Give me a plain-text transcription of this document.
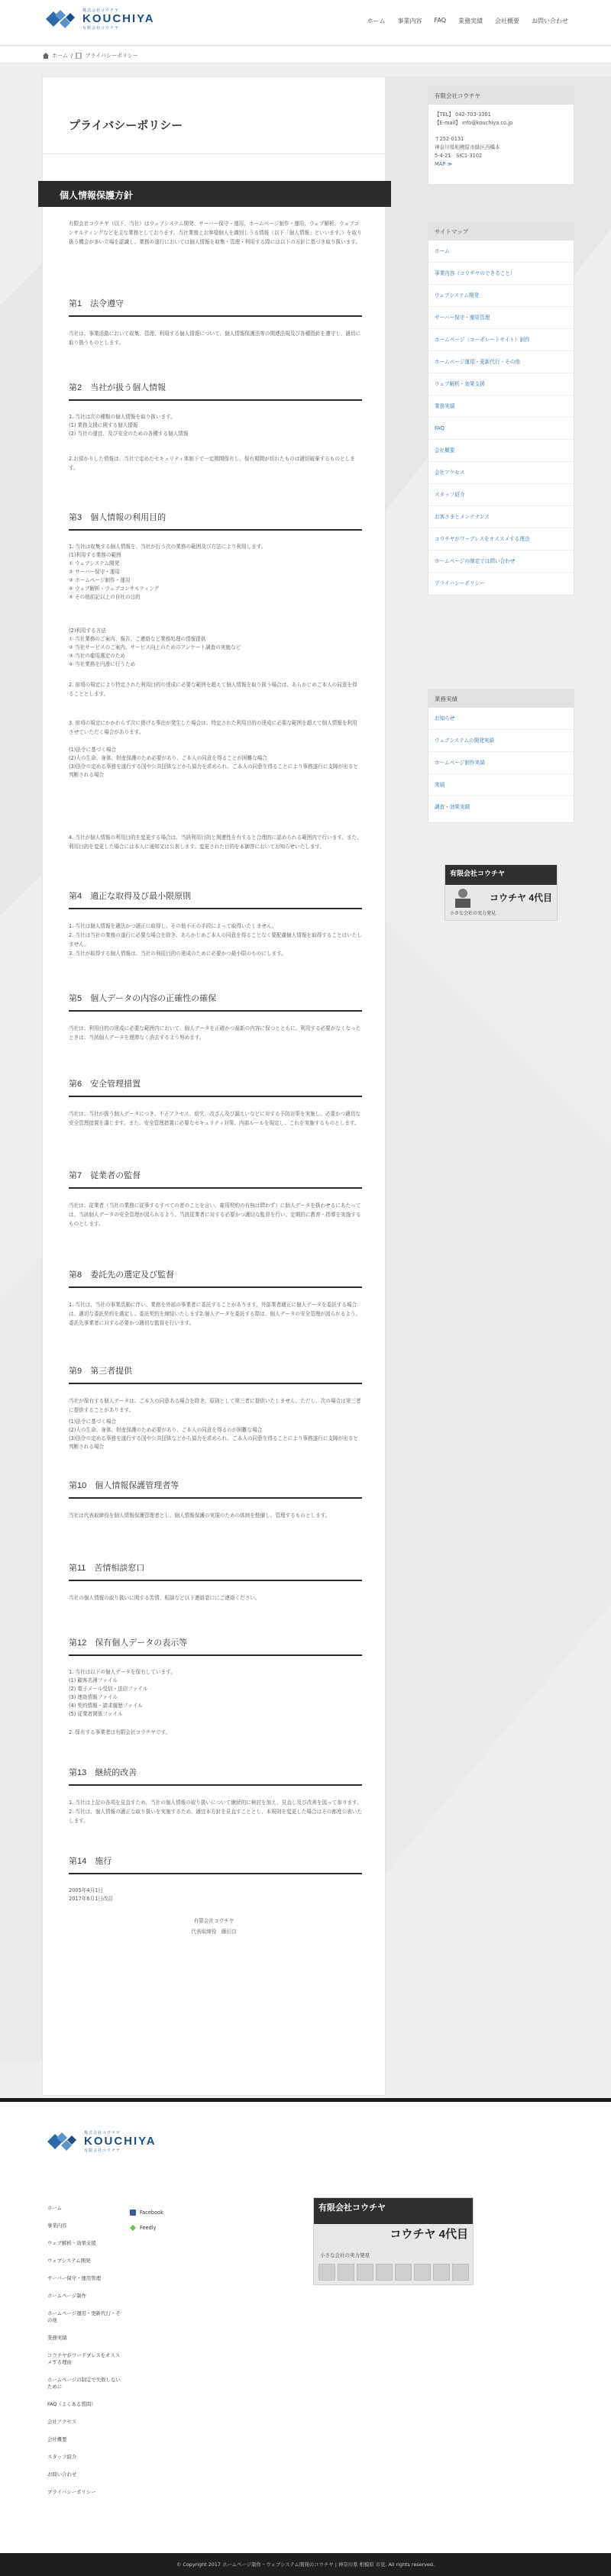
株式会社コウチヤ
KOUCHIYA
有限会社コウチヤ
ホーム 事業内容 FAQ 業務実績 会社概要 お問い合わせ
ホーム / プライバシーポリシー
プライバシーポリシー
個人情報保護方針
有限会社コウチヤ（以下、当社）はウェブシステム開発、サーバー保守・運用、ホームページ制作・運用、ウェブ解析、ウェブコンサルティングなどを主な業務としております。当社業務上お客様個人を識別しうる情報（以下「個人情報」といいます。）を取り扱う機会が多い立場を認識し、業務の遂行においては個人情報を収集・管理・利用する際には以下の方針に基づき取り扱います。
第1　法令遵守
当社は、事業活動において収集、管理、利用する個人情報について、個人情報保護法等の関連法規及び各種指針を遵守し、適切に取り扱うものとします。
第2　当社が扱う個人情報
1. 当社は次の種類の個人情報を取り扱います。
(1) 業務支援に関する個人情報
(2) 当社の運営、及び安全のための各種する個人情報
2.お預かりした情報は、当社で定めたセキュリティ体制下で一定期間保有し、保有期間が切れたものは適切破棄するものとします。
第3　個人情報の利用目的
1. 当社は収集する個人情報を、当社が行う次の業務の範囲及び方法により利用します。
(1)利用する業務の範囲
① ウェブシステム開発
② サーバー保守・運用
③ ホームページ制作・運用
④ ウェブ解析・ウェブコンサルティング
⑤ その他前記以上の自社の目的
(2)利用する方法
① 当社業務のご案内、報告、ご連絡など業務処理の情報提供
② 当社サービスのご案内、サービス向上のためのアンケート調査の実施など
③ 当社の雇用選定のため
④ 当社業務を円滑に行うため
2. 前項の規定により特定された利用目的の達成に必要な範囲を超えて個人情報を取り扱う場合は、あらかじめご本人の同意を得ることとします。
3. 前項の規定にかかわらず次に掲げる事由が発生した場合は、特定された利用目的の達成に必要な範囲を超えて個人情報を利用させていただく場合があります。
(1)法令に基づく場合
(2)人の生命、身体、財産保護のため必要があり、ご本人の同意を得ることが困難な場合
(3)法令の定める事務を遂行する国や公共団体などから協力を求められ、ご本人の同意を得ることにより事務遂行に支障が出ると判断される場合
4. 当社が個人情報の利用目的を変更する場合は、当該利用目的と関連性を有すると合理的に認められる範囲内で行います。また、利用目的を変更した場合には本人に通知又は公表します。変更された目的を本御答においてお知らせいたします。
第4　適正な取得及び最小限原則
1. 当社は個人情報を適法かつ適正に取得し、その他不正の手段によって取得いたしません。
2. 当社は当社の業務の遂行に必要な場合を除き、あらかじめご本人の同意を得ることなく要配慮個人情報を取得することはいたしません。
3. 当社が取得する個人情報は、当社の利用目的の達成のために必要かつ最小限のものにします。
第5　個人データの内容の正確性の確保
当社は、利用目的の達成に必要な範囲内において、個人データを正確かつ最新の内容に保つとともに、利用する必要がなくなったときは、当該個人データを遅滞なく消去するよう努めます。
第6　安全管理措置
当社は、当社が扱う個人データにつき、不正アクセス、紛失、改ざん及び漏えいなどに対する予防対策を実施し、必要かつ適切な安全管理措置を講じます。また、安全管理措置に必要なセキュリティ対策、内部ルールを規定し、これを実施するものとします。
第7　従業者の監督
当社は、従業者（当社の業務に従事するすべての者のことを言い、雇用契約の有無は問わず）に個人データを扱わせるにあたっては、当該個人データの安全管理が図られるよう、当該従業者に対する必要かつ適切な監督を行い、定期的に教育・指導を実施するものとします。
第8　委託先の選定及び監督
1. 当社は、当社の事業活動に伴い、業務を外部の事業者に委託することがあります。外部業者適正に個人データを委託する場合は、適切な委託契約を選定し、委託契約を締結いたします2.個人データを委託する際は、個人データの安全管理が図られるよう、委託先事業者に対する必要かつ適切な監督を行います。
第9　第三者提供
当社が保有する個人データは、ご本人の同意ある場合を除き、原則として第三者に提供いたしません。ただし、次の場合は第三者に提供することがあります。
(1)法令に基づく場合
(2)人の生命、身体、財産保護のため必要があり、ご本人の同意を得るのが困難な場合
(3)法令の定める事務を遂行する国や公共団体などから協力を求められ、ご本人の同意を得ることにより事務遂行に支障が出ると判断される場合
第10　個人情報保護管理者等
当社は代表取締役を個人情報保護管理者とし、個人情報保護の実現のための体制を整備し、管理するものとします。
第11　苦情相談窓口
当社の個人情報の取り扱いに関する苦情、相談など以下連絡窓口にご連絡ください。
第12　保有個人データの表示等
1. 当社は以下の個人データを保有しています。
(1) 顧客名簿ファイル
(2) 電子メール受信・送信ファイル
(3) 連絡情報ファイル
(4) 契約情報・請求履歴ファイル
(5) 従業者関係ファイル
2. 保有する事業者は有限会社コウチヤです。
第13　継続的改善
1. 当社は上記の各項を見直すため、当社の個人情報の取り扱いについて継続的に検討を加え、見直し及び改善を図って参ります。
2. 当社は、個人情報の適正な取り扱いを実施するため、適宜本方針を見直すこととし、本規則を変更した場合はその都度公表いたします。
第14　施行
2005年4月1日
2017年6月1日改訂
有限会社コウチヤ
代表取締役　藤田良
有限会社コウチヤ
【TEL】 042-703-3301
【E-mail】 info@kouchiya.co.jp
〒252-0131
神奈川県相模原市緑区西橋本
5-4-21　SIC1-3102
MAP ≫
サイトマップ
ホーム
事業内容（コウチヤのできること）
ウェブシステム開発
サーバー保守・運用管理
ホームページ（コーポレートサイト）制作
ホームページ運用・更新代行・その他
ウェブ解析・効果支援
業務実績
FAQ
会社概要
会社アクセス
スタッフ紹介
お客さまとメンテナンス
コウチヤがワープレスをオススメする理由
ホームページの制定では問い合わせ
プライバシーポリシー
業務実績
お知らせ
ウェブシステムの開発実績
ホームページ制作実績
実績
調査・効果実績
有限会社コウチヤ
コウチヤ 4代目
小さな会社の実力発見
株式会社コウチヤ
KOUCHIYA
有限会社コウチヤ
ホーム
事業内容
ウェブ解析・効果支援
ウェブシステム開発
サーバー保守・運用管理
ホームページ制作
ホームページ運用・更新代行・その他
業務実績
コウチヤがワードプレスをオススメする理由
ホームページの制定で失敗しないために
FAQ（よくある質問）
会社アクセス
会社概要
スタッフ紹介
お問い合わせ
プライバシーポリシー
Facebook
Feedly
有限会社コウチヤ
コウチヤ 4代目
小さな会社の実力発見
© Copyright 2017 ホームページ制作・ウェブシステム開発のコウチヤ | 神奈川県 相模原 市見. All rights reserved.
